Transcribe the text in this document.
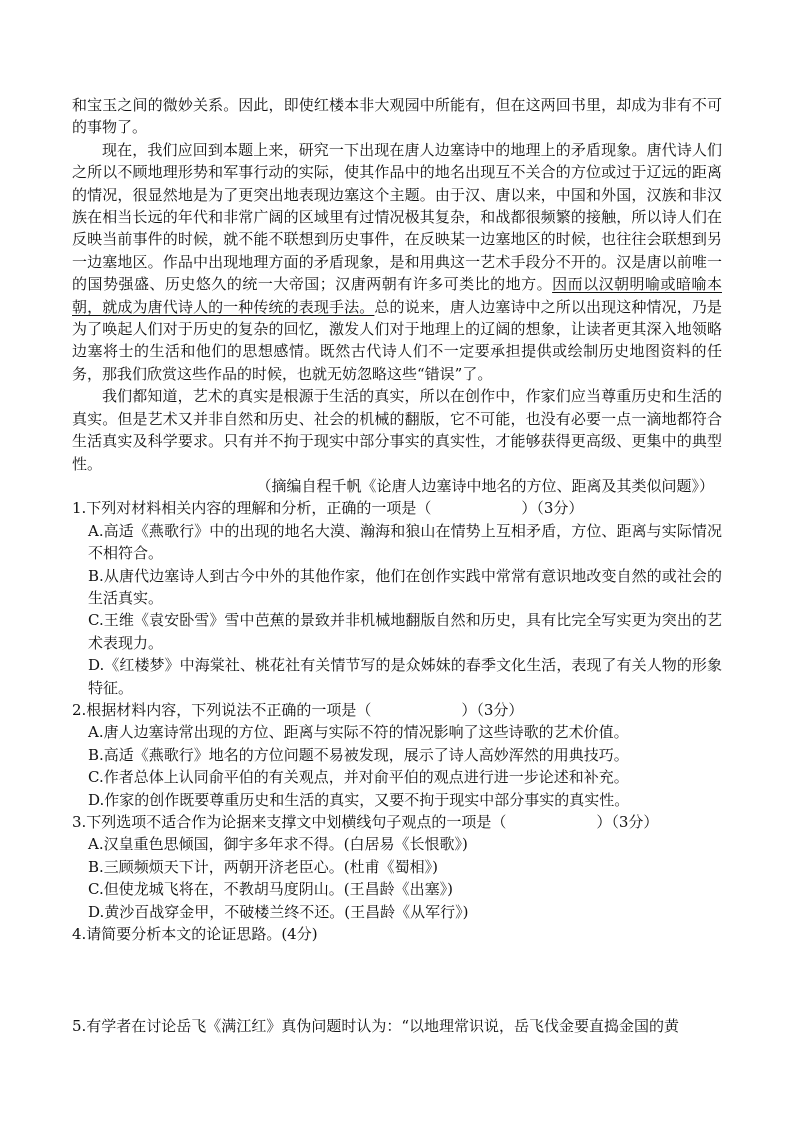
和宝玉之间的微妙关系。因此，即使红楼本非大观园中所能有，但在这两回书里，却成为非有不可的事物了。

现在，我们应回到本题上来，研究一下出现在唐人边塞诗中的地理上的矛盾现象。唐代诗人们之所以不顾地理形势和军事行动的实际，使其作品中的地名出现互不关合的方位或过于辽远的距离的情况，很显然地是为了更突出地表现边塞这个主题。由于汉、唐以来，中国和外国，汉族和非汉族在相当长远的年代和非常广阔的区域里有过情况极其复杂，和战都很频繁的接触，所以诗人们在反映当前事件的时候，就不能不联想到历史事件，在反映某一边塞地区的时候，也往往会联想到另一边塞地区。作品中出现地理方面的矛盾现象，是和用典这一艺术手段分不开的。汉是唐以前唯一的国势强盛、历史悠久的统一大帝国；汉唐两朝有许多可类比的地方。因而以汉朝明喻或暗喻本朝，就成为唐代诗人的一种传统的表现手法。总的说来，唐人边塞诗中之所以出现这种情况，乃是为了唤起人们对于历史的复杂的回忆，激发人们对于地理上的辽阔的想象，让读者更其深入地领略边塞将士的生活和他们的思想感情。既然古代诗人们不一定要承担提供或绘制历史地图资料的任务，那我们欣赏这些作品的时候，也就无妨忽略这些“错误”了。

我们都知道，艺术的真实是根源于生活的真实，所以在创作中，作家们应当尊重历史和生活的真实。但是艺术又并非自然和历史、社会的机械的翻版，它不可能，也没有必要一点一滴地都符合生活真实及科学要求。只有并不拘于现实中部分事实的真实性，才能够获得更高级、更集中的典型性。

（摘编自程千帆《论唐人边塞诗中地名的方位、距离及其类似问题》）

1.下列对材料相关内容的理解和分析，正确的一项是（	）（3分）

A.高适《燕歌行》中的出现的地名大漠、瀚海和狼山在情势上互相矛盾，方位、距离与实际情况不相符合。

B.从唐代边塞诗人到古今中外的其他作家，他们在创作实践中常常有意识地改变自然的或社会的生活真实。

C.王维《袁安卧雪》雪中芭蕉的景致并非机械地翻版自然和历史，具有比完全写实更为突出的艺术表现力。

D.《红楼梦》中海棠社、桃花社有关情节写的是众姊妹的春季文化生活，表现了有关人物的形象特征。

2.根据材料内容，下列说法不正确的一项是（	）（3分）

A.唐人边塞诗常出现的方位、距离与实际不符的情况影响了这些诗歌的艺术价值。

B.高适《燕歌行》地名的方位问题不易被发现，展示了诗人高妙浑然的用典技巧。

C.作者总体上认同俞平伯的有关观点，并对俞平伯的观点进行进一步论述和补充。

D.作家的创作既要尊重历史和生活的真实，又要不拘于现实中部分事实的真实性。

3.下列选项不适合作为论据来支撑文中划横线句子观点的一项是（	）（3分）

A.汉皇重色思倾国，御宇多年求不得。(白居易《长恨歌》)

B.三顾频烦天下计，两朝开济老臣心。(杜甫《蜀相》)

C.但使龙城飞将在，不教胡马度阴山。(王昌龄《出塞》)

D.黄沙百战穿金甲，不破楼兰终不还。(王昌龄《从军行》)

4.请简要分析本文的论证思路。(4分)

5.有学者在讨论岳飞《满江红》真伪问题时认为：“以地理常识说，岳飞伐金要直捣金国的黄
